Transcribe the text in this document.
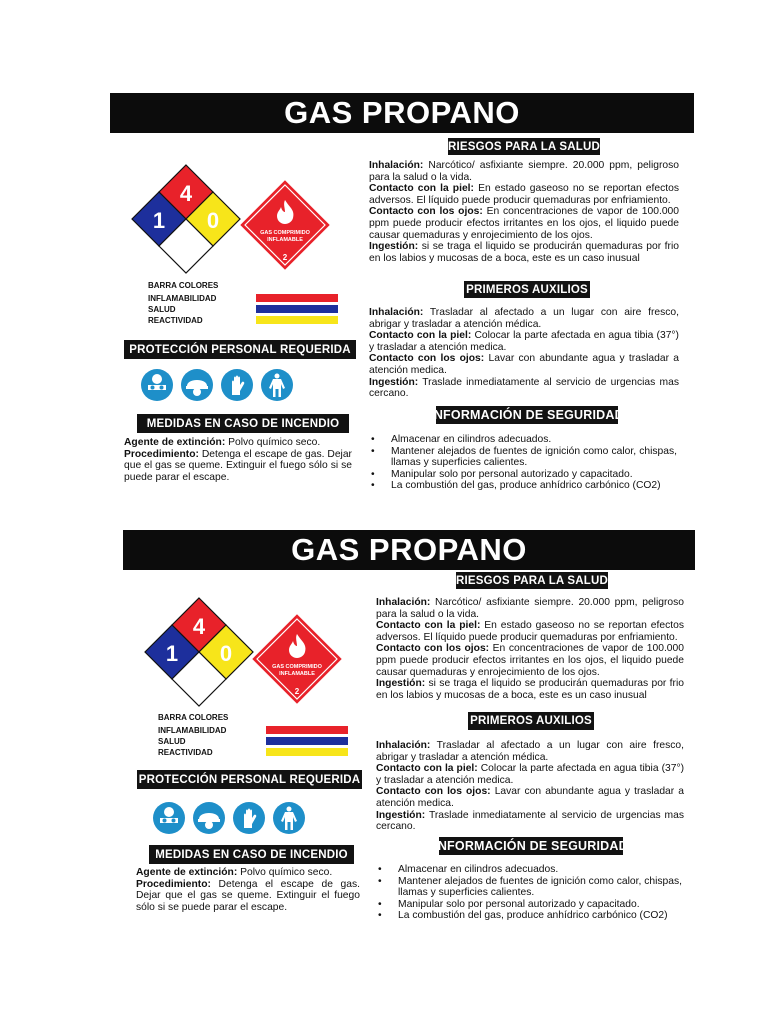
GAS PROPANO
4
1 0	GAS COMPRIMIDO
INFLAMABLE
2
BARRA COLORES
INFLAMABILIDAD
SALUD
REACTIVIDAD
PROTECCIÓN PERSONAL REQUERIDA
MEDIDAS EN CASO DE INCENDIO

Agente de extinción: Polvo químico seco.

Procedimiento: Detenga el escape de gas. Dejar que el gas se queme. Extinguir el fuego sólo si se puede parar el escape.

RIESGOS PARA LA SALUD

Inhalación: Narcótico/ asfixiante siempre. 20.000 ppm, peligroso para la salud o la vida.

Contacto con la piel: En estado gaseoso no se reportan efectos adversos. El líquido puede producir quemaduras por enfriamiento.

Contacto con los ojos: En concentraciones de vapor de 100.000 ppm puede producir efectos irritantes en los ojos, el liquido puede causar quemaduras y enrojecimiento de los ojos.

Ingestión: si se traga el liquido se producirán quemaduras por frio en los labios y mucosas de a boca, este es un caso inusual

PRIMEROS AUXILIOS

Inhalación: Trasladar al afectado a un lugar con aire fresco, abrigar y trasladar a atención médica.

Contacto con la piel: Colocar la parte afectada en agua tibia (37°) y trasladar a atención medica.

Contacto con los ojos: Lavar con abundante agua y trasladar a atención medica.

Ingestión: Traslade inmediatamente al servicio de urgencias mas cercano.

INFORMACIÓN DE SEGURIDAD
• Almacenar en cilindros adecuados.
• Mantener alejados de fuentes de ignición como calor, chispas, llamas y superficies calientes.
• Manipular solo por personal autorizado y capacitado.
• La combustión del gas, produce anhídrico carbónico (CO2)
GAS PROPANO
4
1 0
GAS COMPRIMIDO
INFLAMABLE
2
BARRA COLORES
INFLAMABILIDAD
SALUD
REACTIVIDAD
PROTECCIÓN PERSONAL REQUERIDA
MEDIDAS EN CASO DE INCENDIO

Agente de extinción: Polvo químico seco.

Procedimiento: Detenga el escape de gas. Dejar que el gas se queme. Extinguir el fuego sólo si se puede parar el escape.

RIESGOS PARA LA SALUD

Inhalación: Narcótico/ asfixiante siempre. 20.000 ppm, peligroso para la salud o la vida.

Contacto con la piel: En estado gaseoso no se reportan efectos adversos. El líquido puede producir quemaduras por enfriamiento.

Contacto con los ojos: En concentraciones de vapor de 100.000 ppm puede producir efectos irritantes en los ojos, el liquido puede causar quemaduras y enrojecimiento de los ojos.

Ingestión: si se traga el liquido se producirán quemaduras por frio en los labios y mucosas de a boca, este es un caso inusual

PRIMEROS AUXILIOS

Inhalación: Trasladar al afectado a un lugar con aire fresco, abrigar y trasladar a atención médica.

Contacto con la piel: Colocar la parte afectada en agua tibia (37°) y trasladar a atención medica.

Contacto con los ojos: Lavar con abundante agua y trasladar a atención medica.

Ingestión: Traslade inmediatamente al servicio de urgencias mas cercano.

INFORMACIÓN DE SEGURIDAD
• Almacenar en cilindros adecuados.
• Mantener alejados de fuentes de ignición como calor, chispas, llamas y superficies calientes.
• Manipular solo por personal autorizado y capacitado.
• La combustión del gas, produce anhídrico carbónico (CO2)
